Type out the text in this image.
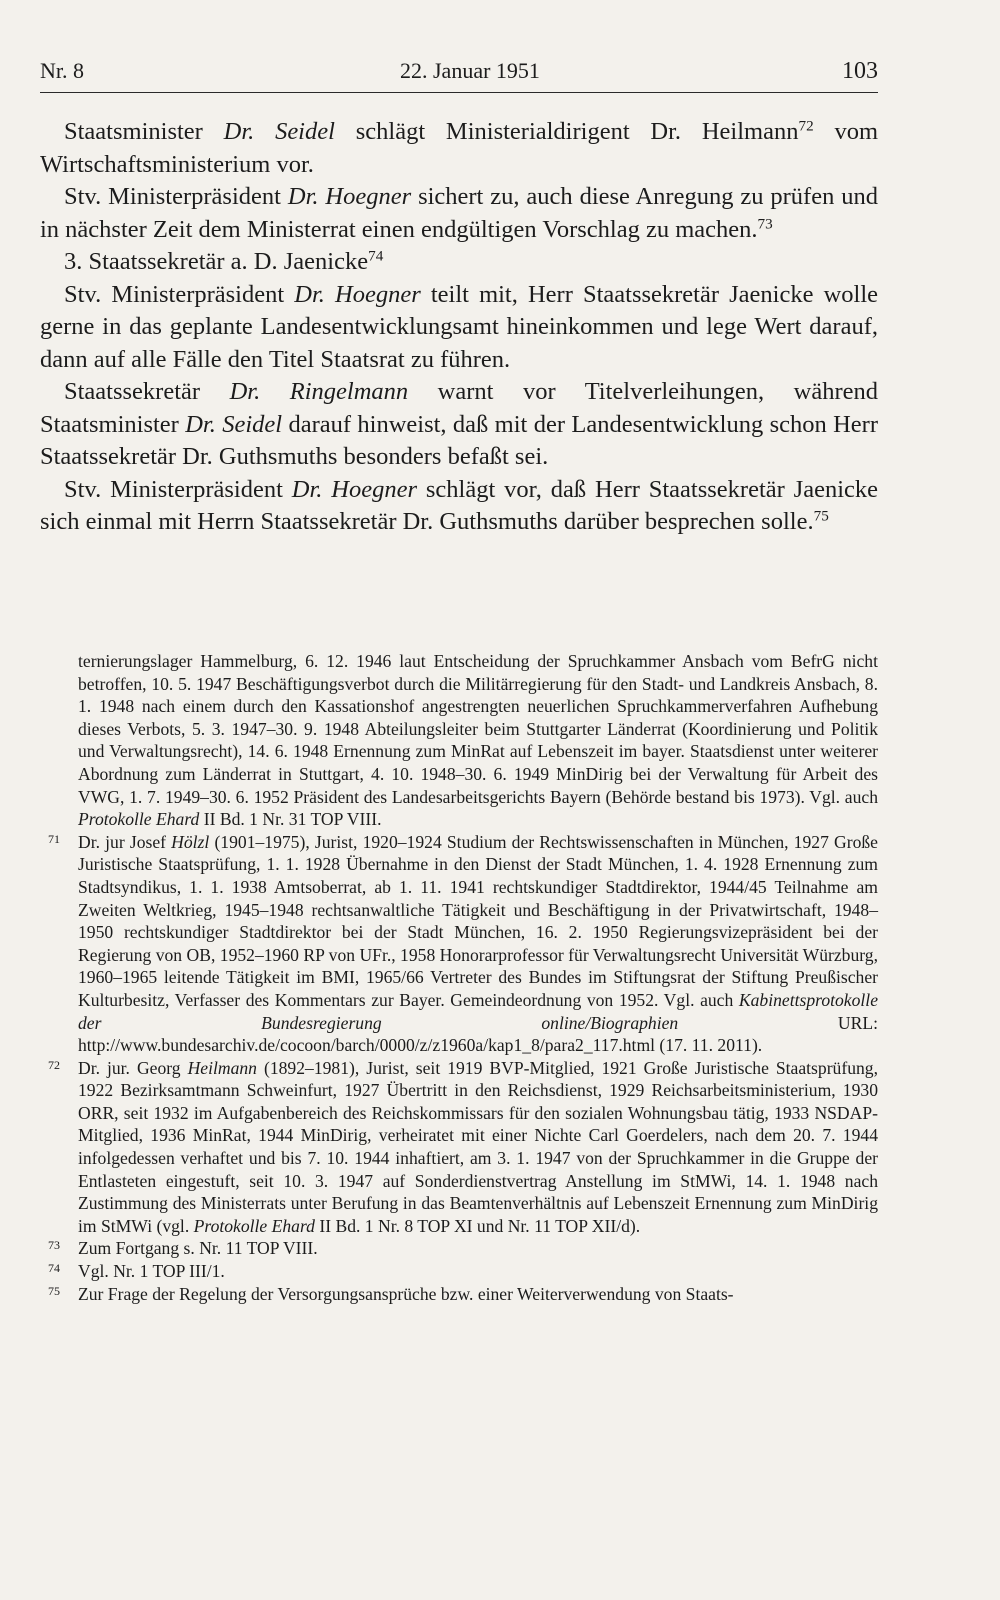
Nr. 8	22. Januar 1951	103

Staatsminister Dr. Seidel schlägt Ministerialdirigent Dr. Heilmann$^{72}$ vom Wirtschaftsministerium vor.

Stv. Ministerpräsident Dr. Hoegner sichert zu, auch diese Anregung zu prüfen und in nächster Zeit dem Ministerrat einen endgültigen Vorschlag zu machen.$^{73}$

3. Staatssekretär a. D. Jaenicke$^{74}$

Stv. Ministerpräsident Dr. Hoegner teilt mit, Herr Staatssekretär Jaenicke wolle gerne in das geplante Landesentwicklungsamt hineinkommen und lege Wert darauf, dann auf alle Fälle den Titel Staatsrat zu führen.

Staatssekretär Dr. Ringelmann warnt vor Titelverleihungen, während Staatsminister Dr. Seidel darauf hinweist, daß mit der Landesentwicklung schon Herr Staatssekretär Dr. Guthsmuths besonders befaßt sei.

Stv. Ministerpräsident Dr. Hoegner schlägt vor, daß Herr Staatssekretär Jaenicke sich einmal mit Herrn Staatssekretär Dr. Guthsmuths darüber besprechen solle.$^{75}$

ternierungslager Hammelburg, 6. 12. 1946 laut Entscheidung der Spruchkammer Ansbach vom BefrG nicht betroffen, 10. 5. 1947 Beschäftigungsverbot durch die Militärregierung für den Stadt- und Landkreis Ansbach, 8. 1. 1948 nach einem durch den Kassationshof angestrengten neuerlichen Spruchkammerverfahren Aufhebung dieses Verbots, 5. 3. 1947–30. 9. 1948 Abteilungsleiter beim Stuttgarter Länderrat (Koordinierung und Politik und Verwaltungsrecht), 14. 6. 1948 Ernennung zum MinRat auf Lebenszeit im bayer. Staatsdienst unter weiterer Abordnung zum Länderrat in Stuttgart, 4. 10. 1948–30. 6. 1949 MinDirig bei der Verwaltung für Arbeit des VWG, 1. 7. 1949–30. 6. 1952 Präsident des Landesarbeitsgerichts Bayern (Behörde bestand bis 1973). Vgl. auch Protokolle Ehard II Bd. 1 Nr. 31 TOP VIII.

71 Dr. jur Josef Hölzl (1901–1975), Jurist, 1920–1924 Studium der Rechtswissenschaften in München, 1927 Große Juristische Staatsprüfung, 1. 1. 1928 Übernahme in den Dienst der Stadt München, 1. 4. 1928 Ernennung zum Stadtsyndikus, 1. 1. 1938 Amtsoberrat, ab 1. 11. 1941 rechtskundiger Stadtdirektor, 1944/45 Teilnahme am Zweiten Weltkrieg, 1945–1948 rechtsanwaltliche Tätigkeit und Beschäftigung in der Privatwirtschaft, 1948–1950 rechtskundiger Stadtdirektor bei der Stadt München, 16. 2. 1950 Regierungsvizepräsident bei der Regierung von OB, 1952–1960 RP von UFr., 1958 Honorarprofessor für Verwaltungsrecht Universität Würzburg, 1960–1965 leitende Tätigkeit im BMI, 1965/66 Vertreter des Bundes im Stiftungsrat der Stiftung Preußischer Kulturbesitz, Verfasser des Kommentars zur Bayer. Gemeindeordnung von 1952. Vgl. auch Kabinettsprotokolle der Bundesregierung online/Biographien URL: http://www.bundesarchiv.de/cocoon/barch/0000/z/z1960a/kap1_8/para2_117.html (17. 11. 2011).

72 Dr. jur. Georg Heilmann (1892–1981), Jurist, seit 1919 BVP-Mitglied, 1921 Große Juristische Staatsprüfung, 1922 Bezirksamtmann Schweinfurt, 1927 Übertritt in den Reichsdienst, 1929 Reichsarbeitsministerium, 1930 ORR, seit 1932 im Aufgabenbereich des Reichskommissars für den sozialen Wohnungsbau tätig, 1933 NSDAP-Mitglied, 1936 MinRat, 1944 MinDirig, verheiratet mit einer Nichte Carl Goerdelers, nach dem 20. 7. 1944 infolgedessen verhaftet und bis 7. 10. 1944 inhaftiert, am 3. 1. 1947 von der Spruchkammer in die Gruppe der Entlasteten eingestuft, seit 10. 3. 1947 auf Sonderdienstvertrag Anstellung im StMWi, 14. 1. 1948 nach Zustimmung des Ministerrats unter Berufung in das Beamtenverhältnis auf Lebenszeit Ernennung zum MinDirig im StMWi (vgl. Protokolle Ehard II Bd. 1 Nr. 8 TOP XI und Nr. 11 TOP XII/d).

73 Zum Fortgang s. Nr. 11 TOP VIII.

74 Vgl. Nr. 1 TOP III/1.

75 Zur Frage der Regelung der Versorgungsansprüche bzw. einer Weiterverwendung von Staats-
